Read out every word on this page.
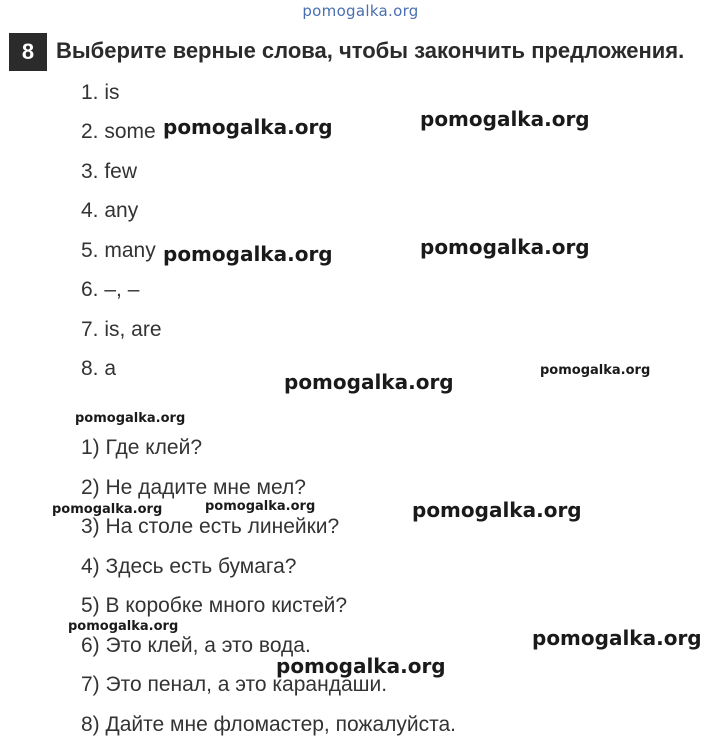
pomogalka.org
8 Выберите верные слова, чтобы закончить предложения.
1. is
2. some
3. few
4. any
5. many
6. –, –
7. is, are
8. a
1) Где клей?
2) Не дадите мне мел?
3) На столе есть линейки?
4) Здесь есть бумага?
5) В коробке много кистей?
6) Это клей, а это вода.
7) Это пенал, а это карандаши.
8) Дайте мне фломастер, пожалуйста.
pomogalka.org	pomogalka.org
pomogalka.org	pomogalka.org
pomogalka.org	pomogalka.org
pomogalka.org
pomogalka.org	pomogalka.org	pomogalka.org
pomogalka.org	pomogalka.org
pomogalka.org
